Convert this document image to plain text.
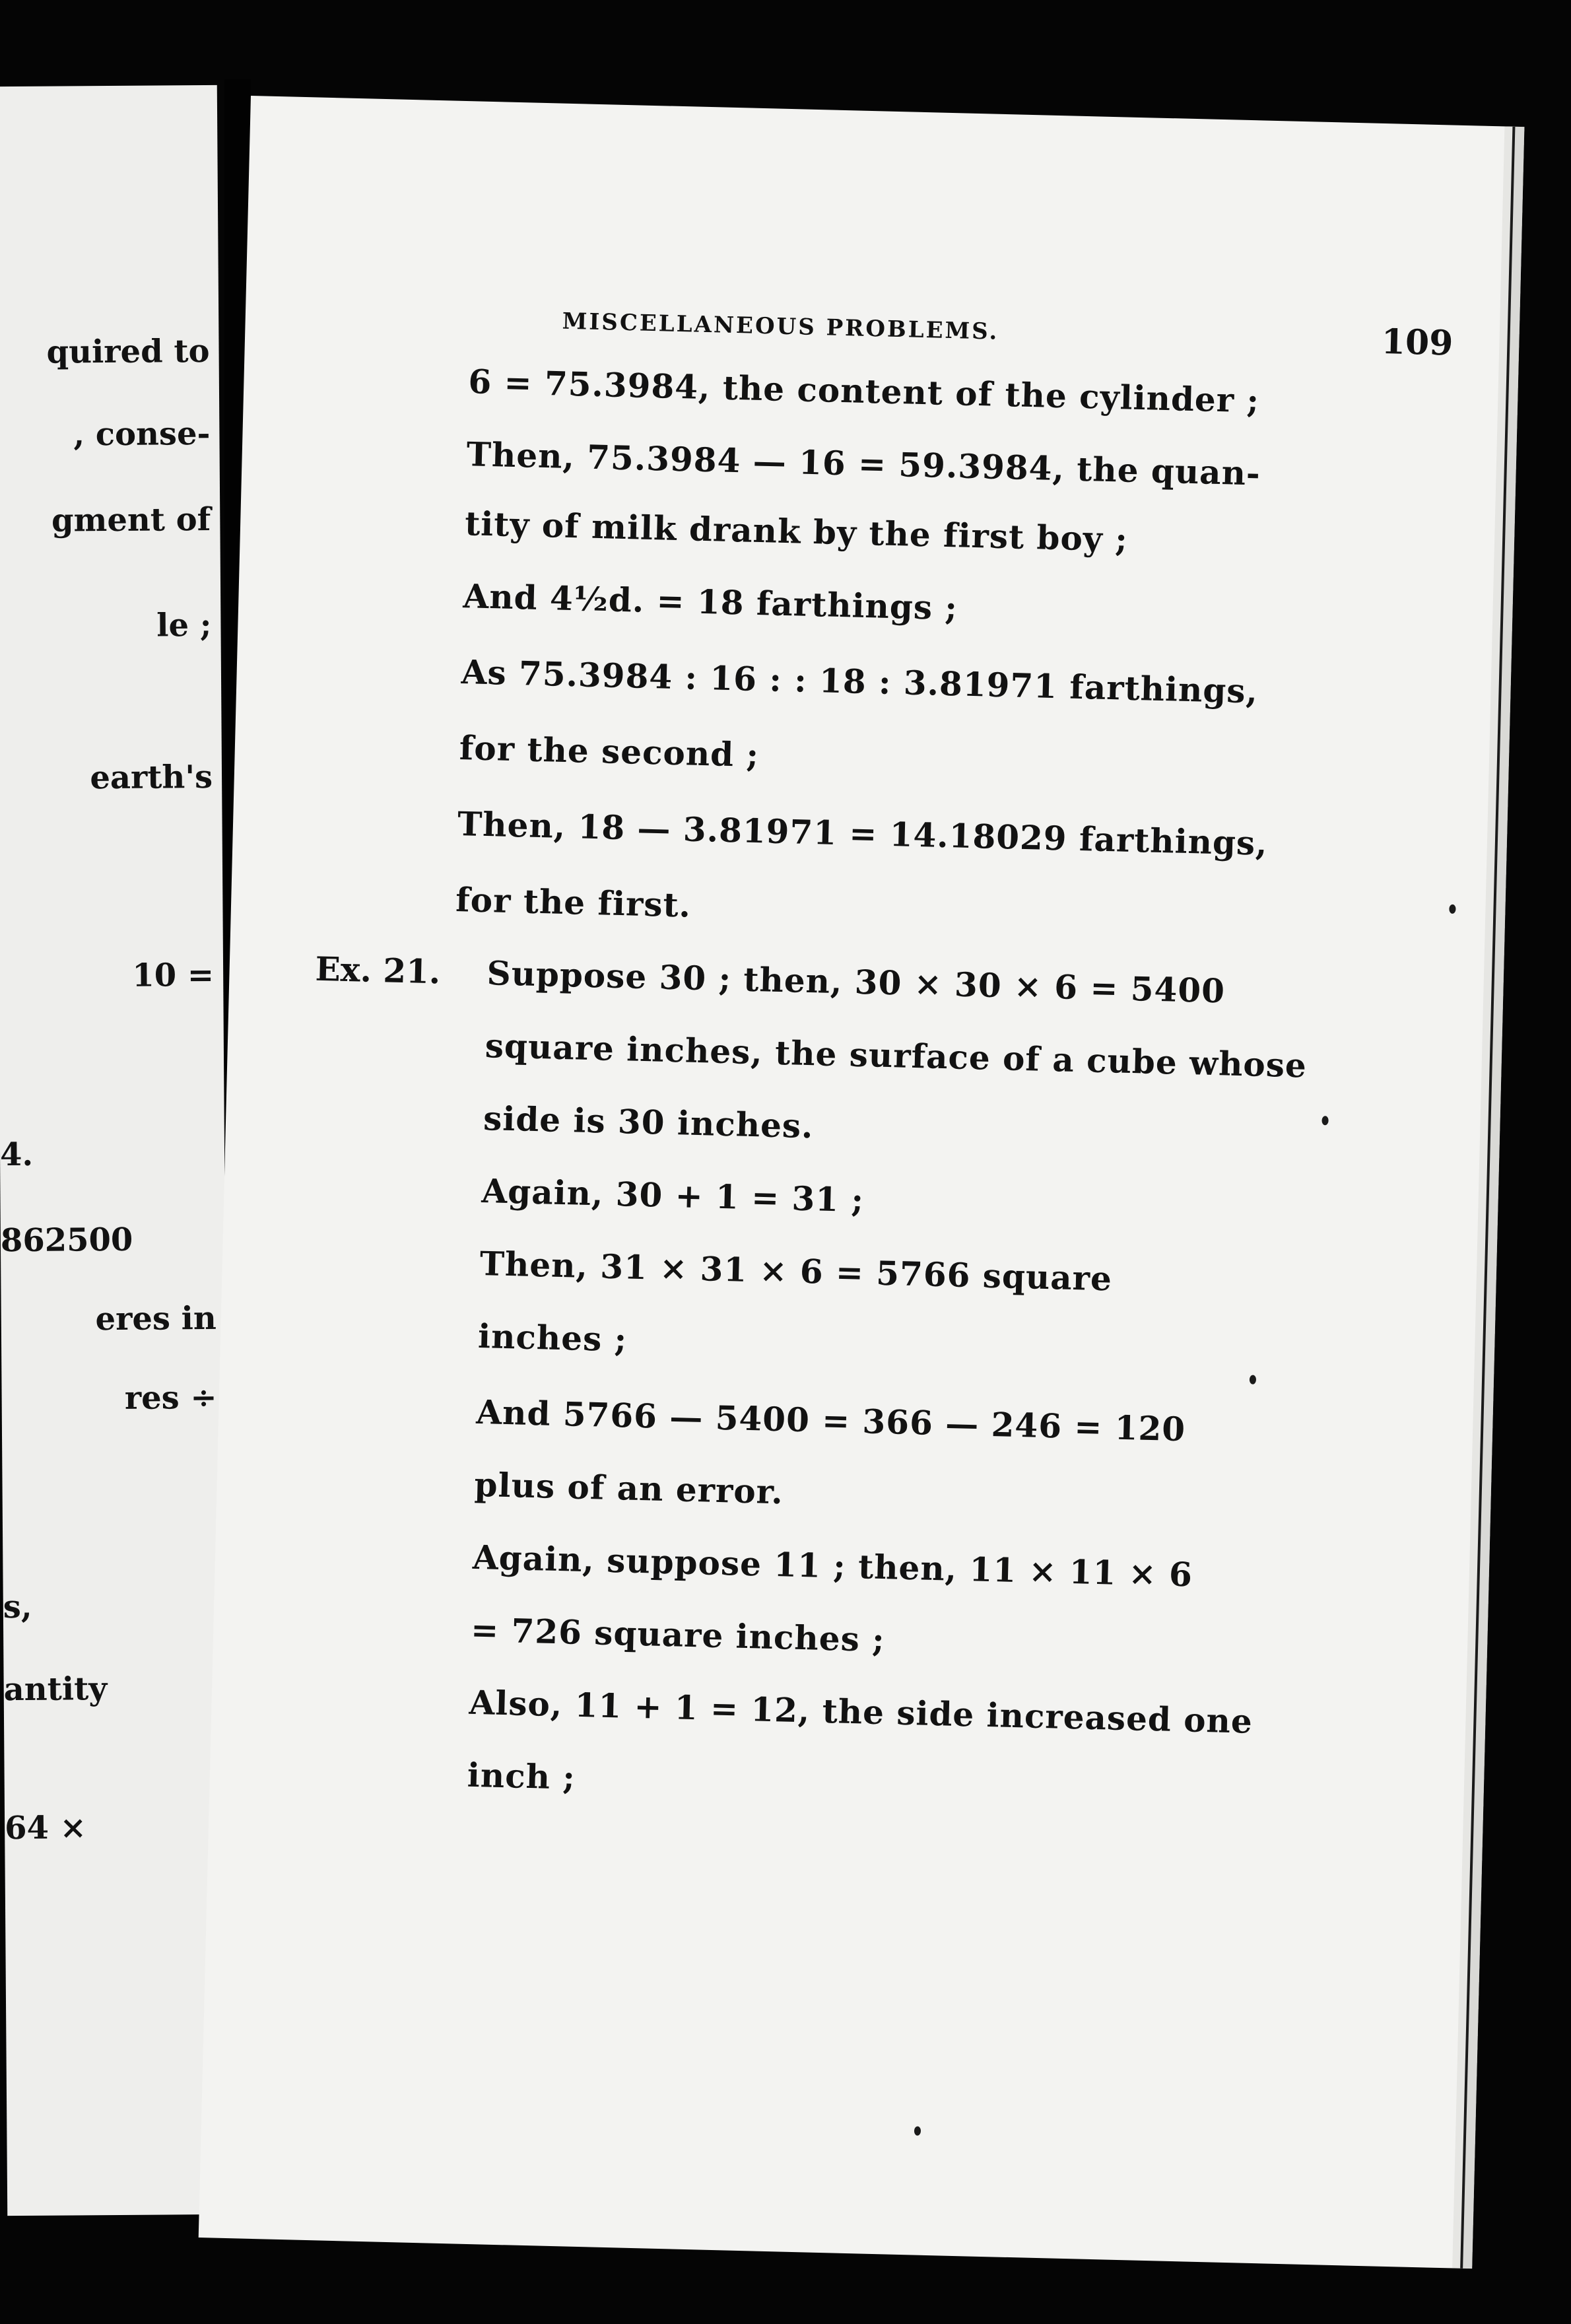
quired to
, conse-
gment of
le ;
earth's
10 =
4.
862500
eres in
res ÷
s,
antity
64 ×
MISCELLANEOUS PROBLEMS.	109
6 = 75.3984, the content of the cylinder ;
Then, 75.3984 — 16 = 59.3984, the quan-
tity of milk drank by the first boy ;
And 4½d. = 18 farthings ;
As 75.3984 : 16 : : 18 : 3.81971 farthings,
for the second ;
Then, 18 — 3.81971 = 14.18029 farthings,
for the first.
Ex. 21. Suppose 30 ; then, 30 × 30 × 6 = 5400
square inches, the surface of a cube whose
side is 30 inches.
Again, 30 + 1 = 31 ;
Then, 31 × 31 × 6 = 5766 square
inches ;
And 5766 — 5400 = 366 — 246 = 120
plus of an error.
Again, suppose 11 ; then, 11 × 11 × 6
= 726 square inches ;
Also, 11 + 1 = 12, the side increased one
inch ;
